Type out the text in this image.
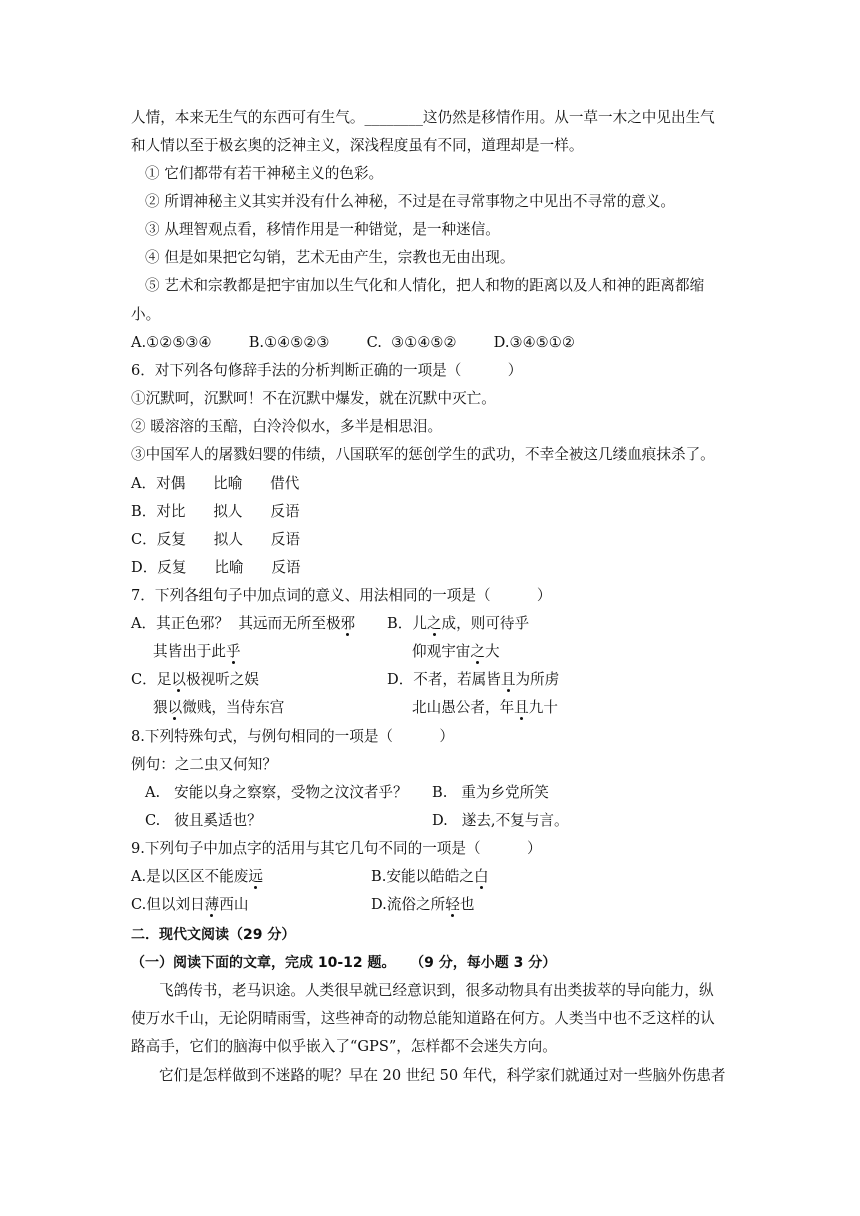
人情，本来无生气的东西可有生气。________这仍然是移情作用。从一草一木之中见出生气
和人情以至于极玄奥的泛神主义，深浅程度虽有不同，道理却是一样。
① 它们都带有若干神秘主义的色彩。
② 所谓神秘主义其实并没有什么神秘，不过是在寻常事物之中见出不寻常的意义。
③ 从理智观点看，移情作用是一种错觉，是一种迷信。
④ 但是如果把它勾销，艺术无由产生，宗教也无由出现。
⑤ 艺术和宗教都是把宇宙加以生气化和人情化，把人和物的距离以及人和神的距离都缩
小。
A.①②⑤③④        B.①④⑤②③        C.  ③①④⑤②        D.③④⑤①②
6．对下列各句修辞手法的分析判断正确的一项是（          ）
①沉默呵，沉默呵！不在沉默中爆发，就在沉默中灭亡。
② 暖溶溶的玉醅，白泠泠似水，多半是相思泪。
③中国军人的屠戮妇婴的伟绩，八国联军的惩创学生的武功，不幸全被这几缕血痕抹杀了。
A．对偶      比喻      借代
B．对比      拟人      反语
C．反复      拟人      反语
D．反复      比喻      反语
7．下列各组句子中加点词的意义、用法相同的一项是（          ）
A．其正色邪？  其远而无所至极邪 B．儿之成，则可待乎
其皆出于此乎	仰观宇宙之大
C．足以极视听之娱	D．不者，若属皆且为所虏
猥以微贱，当侍东宫	北山愚公者，年且九十
8.下列特殊句式，与例句相同的一项是（          ）
例句：之二虫又何知？
A.   安能以身之察察，受物之汶汶者乎？ B.   重为乡党所笑
C.   彼且奚适也？	D.   遂去,不复与言。
9.下列句子中加点字的活用与其它几句不同的一项是（          ）
A.是以区区不能废远	B.安能以皓皓之白
C.但以刘日薄西山	D.流俗之所轻也
二．现代文阅读（29 分）
（一）阅读下面的文章，完成 10-12 题。   （9 分，每小题 3 分）
飞鸽传书，老马识途。人类很早就已经意识到，很多动物具有出类拔萃的导向能力，纵
使万水千山，无论阴晴雨雪，这些神奇的动物总能知道路在何方。人类当中也不乏这样的认
路高手，它们的脑海中似乎嵌入了“GPS”，怎样都不会迷失方向。
它们是怎样做到不迷路的呢？早在 20 世纪 50 年代，科学家们就通过对一些脑外伤患者
